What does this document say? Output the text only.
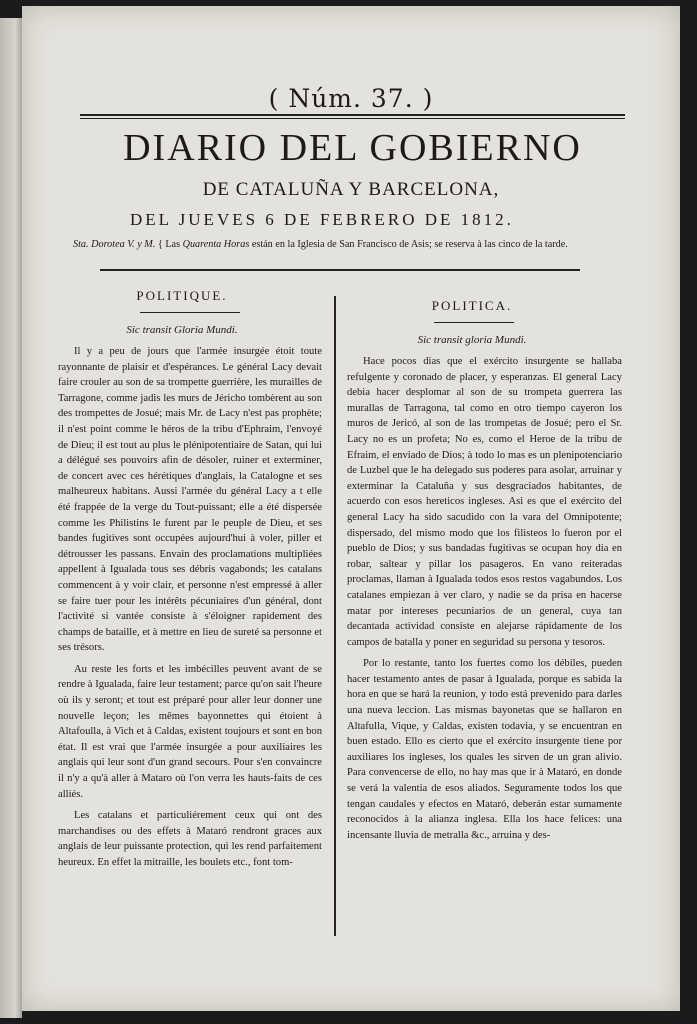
( Núm. 37. )
DIARIO DEL GOBIERNO
DE CATALUÑA Y BARCELONA,
DEL JUEVES 6 DE FEBRERO DE 1812.
Sta. Dorotea V. y M. { Las Quarenta Horas están en la Iglesia de San Francisco de Asis; se reserva à las cinco de la tarde.
POLITIQUE.
Sic transit Gloria Mundi.

Il y a peu de jours que l'armée insurgée étoit toute rayonnante de plaisir et d'espérances. Le général Lacy devait faire crouler au son de sa trompette guerrière, les murailles de Tarragone, comme jadis les murs de Jéricho tombèrent au son des trompettes de Josué; mais Mr. de Lacy n'est pas prophète; il n'est point comme le héros de la tribu d'Ephraim, l'envoyé de Dieu; il est tout au plus le plénipotentiaire de Satan, qui lui a délégué ses pouvoirs afin de désoler, ruiner et exterminer, de concert avec ces hérétiques d'anglais, la Catalogne et ses malheureux habitans. Aussi l'armée du général Lacy a t elle été frappée de la verge du Tout-puissant; elle a été dispersée comme les Philistins le furent par le peuple de Dieu, et ses bandes fugitives sont occupées aujourd'hui à voler, piller et détrousser les passans. Envain des proclamations multipliées appellent à Igualada tous ses débris vagabonds; les catalans commencent à y voir clair, et personne n'est empressé à aller se faire tuer pour les intérêts pécuniaires d'un général, dont l'activité si vantée consiste à s'éloigner rapidement des champs de bataille, et à mettre en lieu de sureté sa personne et ses trésors.

Au reste les forts et les imbécilles peuvent avant de se rendre à Igualada, faire leur testament; parce qu'on sait l'heure où ils y seront; et tout est préparé pour aller leur donner une nouvelle leçon; les mêmes bayonnettes qui étoient à Altafoulla, à Vich et à Caldas, existent toujours et sont en bon état. Il est vrai que l'armée insurgée a pour auxiliaires les anglais qui leur sont d'un grand secours. Pour s'en convaincre il n'y a qu'à aller à Mataro où l'on verra les hauts-faits de ces alliés.

Les catalans et particuliérement ceux qui ont des marchandises ou des effets à Mataró rendront graces aux anglais de leur puissante protection, qui les rend parfaitement heureux. En effet la mitraille, les boulets etc., font tom-

POLITICA.
Sic transit gloria Mundi.

Hace pocos dias que el exército insurgente se hallaba refulgente y coronado de placer, y esperanzas. El general Lacy debia hacer desplomar al son de su trompeta guerrera las murallas de Tarragona, tal como en otro tiempo cayeron los muros de Jericó, al son de las trompetas de Josué; pero el Sr. Lacy no es un profeta; No es, como el Heroe de la tribu de Efraim, el enviado de Dios; à todo lo mas es un plenipotenciario de Luzbel que le ha delegado sus poderes para asolar, arruinar y exterminar la Cataluña y sus desgraciados habitantes, de acuerdo con esos hereticos ingleses. Asi es que el exército del general Lacy ha sido sacudido con la vara del Omnipotente; dispersado, del mismo modo que los filisteos lo fueron por el pueblo de Dios; y sus bandadas fugitivas se ocupan hoy dia en robar, saltear y pillar los pasageros. En vano reiteradas proclamas, llaman à Igualada todos esos restos vagabundos. Los catalanes empiezan à ver claro, y nadie se da prisa en hacerse matar por intereses pecuniarios de un general, cuya tan decantada actividad consiste en alejarse rápidamente de los campos de batalla y poner en seguridad su persona y tesoros.

Por lo restante, tanto los fuertes como los débiles, pueden hacer testamento antes de pasar à Igualada, porque es sabida la hora en que se hará la reunion, y todo está prevenido para darles una nueva leccion. Las mismas bayonetas que se hallaron en Altafulla, Vique, y Caldas, existen todavia, y se encuentran en buen estado. Ello es cierto que el exército insurgente tiene por auxiliares los ingleses, los quales les sirven de un gran alivio. Para convencerse de ello, no hay mas que ir à Mataró, en donde se verá la valentia de esos aliados. Seguramente todos los que tengan caudales y efectos en Mataró, deberán estar sumamente reconocidos à la alianza inglesa. Ella los hace felices: una incensante lluvia de metralla &c., arruina y des-
